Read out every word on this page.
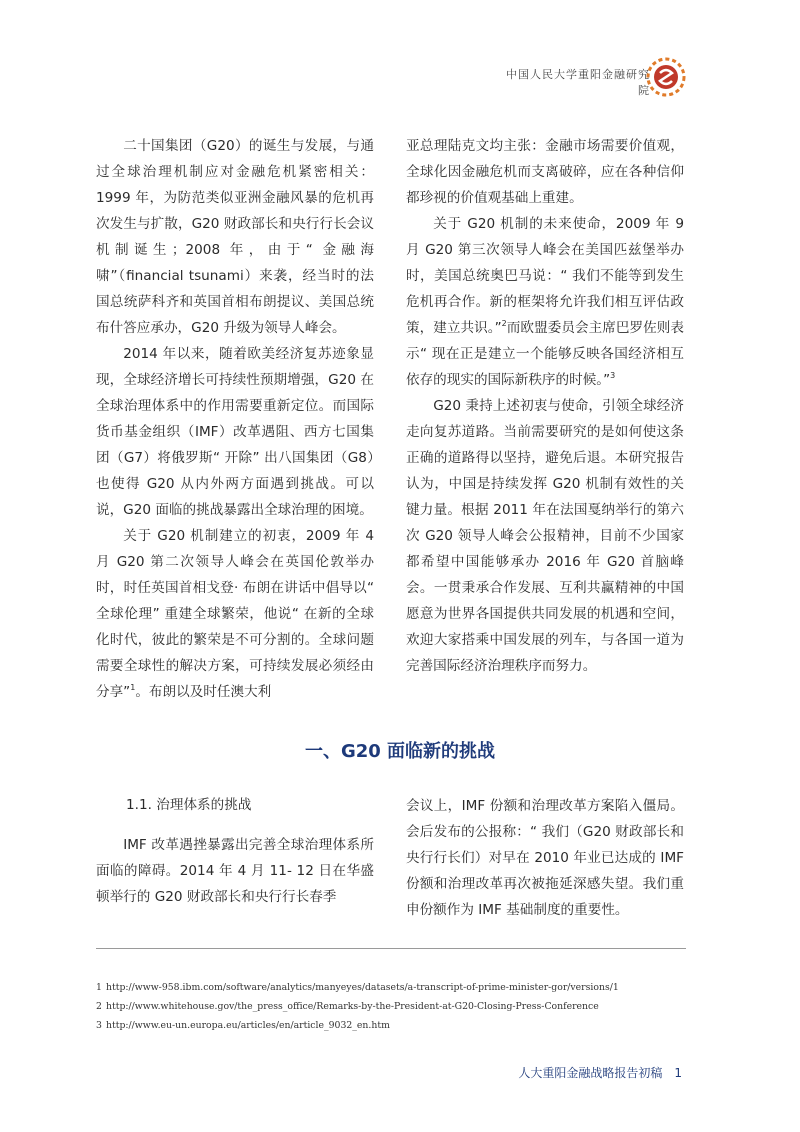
中国人民大学重阳金融研究院

二十国集团（G20）的诞生与发展，与通过全球治理机制应对金融危机紧密相关：1999 年，为防范类似亚洲金融风暴的危机再次发生与扩散，G20 财政部长和央行行长会议机制诞生；2008 年，由于“ 金融海啸”（financial tsunami）来袭，经当时的法国总统萨科齐和英国首相布朗提议、美国总统布什答应承办，G20 升级为领导人峰会。

2014 年以来，随着欧美经济复苏迹象显现，全球经济增长可持续性预期增强，G20 在全球治理体系中的作用需要重新定位。而国际货币基金组织（IMF）改革遇阻、西方七国集团（G7）将俄罗斯“ 开除” 出八国集团（G8）也使得 G20 从内外两方面遇到挑战。可以说，G20 面临的挑战暴露出全球治理的困境。

关于 G20 机制建立的初衷，2009 年 4 月 G20 第二次领导人峰会在英国伦敦举办时，时任英国首相戈登· 布朗在讲话中倡导以“ 全球伦理” 重建全球繁荣，他说“ 在新的全球化时代，彼此的繁荣是不可分割的。全球问题需要全球性的解决方案，可持续发展必须经由分享”$^1$。布朗以及时任澳大利

亚总理陆克文均主张：金融市场需要价值观，全球化因金融危机而支离破碎，应在各种信仰都珍视的价值观基础上重建。

关于 G20 机制的未来使命，2009 年 9 月 G20 第三次领导人峰会在美国匹兹堡举办时，美国总统奥巴马说：“ 我们不能等到发生危机再合作。新的框架将允许我们相互评估政策，建立共识。”$^2$而欧盟委员会主席巴罗佐则表示“ 现在正是建立一个能够反映各国经济相互依存的现实的国际新秩序的时候。”$^3$

G20 秉持上述初衷与使命，引领全球经济走向复苏道路。当前需要研究的是如何使这条正确的道路得以坚持，避免后退。本研究报告认为，中国是持续发挥 G20 机制有效性的关键力量。根据 2011 年在法国戛纳举行的第六次 G20 领导人峰会公报精神，目前不少国家都希望中国能够承办 2016 年 G20 首脑峰会。一贯秉承合作发展、互利共赢精神的中国愿意为世界各国提供共同发展的机遇和空间，欢迎大家搭乘中国发展的列车，与各国一道为完善国际经济治理秩序而努力。

一、G20 面临新的挑战
1.1. 治理体系的挑战

IMF 改革遇挫暴露出完善全球治理体系所面临的障碍。2014 年 4 月 11- 12 日在华盛顿举行的 G20 财政部长和央行行长春季

会议上，IMF 份额和治理改革方案陷入僵局。会后发布的公报称：“ 我们（G20 财政部长和央行行长们）对早在 2010 年业已达成的 IMF 份额和治理改革再次被拖延深感失望。我们重申份额作为 IMF 基础制度的重要性。

1 http://www-958.ibm.com/software/analytics/manyeyes/datasets/a-transcript-of-prime-minister-gor/versions/1
2 http://www.whitehouse.gov/the_press_office/Remarks-by-the-President-at-G20-Closing-Press-Conference
3 http://www.eu-un.europa.eu/articles/en/article_9032_en.htm
人大重阳金融战略报告初稿 1
